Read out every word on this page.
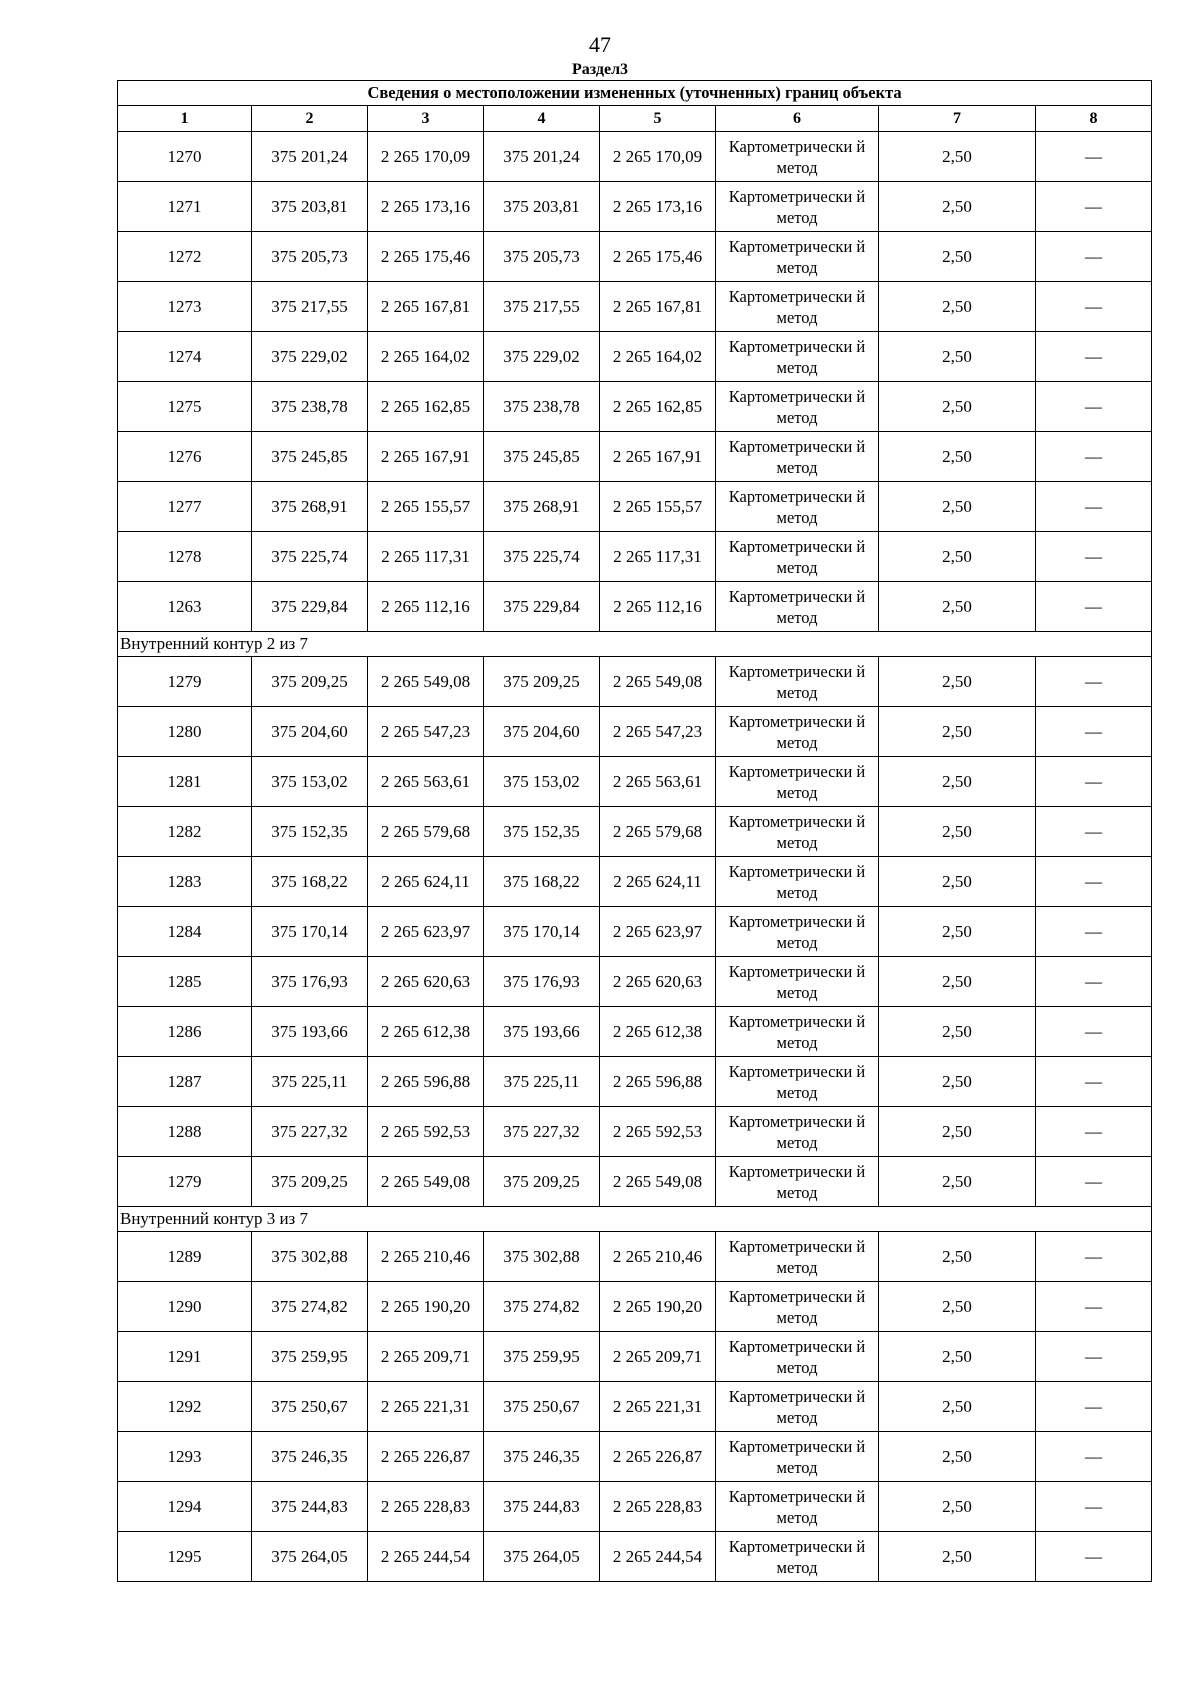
47
Раздел3
Сведения о местоположении измененных (уточненных) границ объекта							
1	2	3	4	5	6	7	8
1270	375 201,24	2 265 170,09	375 201,24	2 265 170,09	Картометрически й метод	2,50	—
1271	375 203,81	2 265 173,16	375 203,81	2 265 173,16	Картометрически й метод	2,50	—
1272	375 205,73	2 265 175,46	375 205,73	2 265 175,46	Картометрически й метод	2,50	—
1273	375 217,55	2 265 167,81	375 217,55	2 265 167,81	Картометрически й метод	2,50	—
1274	375 229,02	2 265 164,02	375 229,02	2 265 164,02	Картометрически й метод	2,50	—
1275	375 238,78	2 265 162,85	375 238,78	2 265 162,85	Картометрически й метод	2,50	—
1276	375 245,85	2 265 167,91	375 245,85	2 265 167,91	Картометрически й метод	2,50	—
1277	375 268,91	2 265 155,57	375 268,91	2 265 155,57	Картометрически й метод	2,50	—
1278	375 225,74	2 265 117,31	375 225,74	2 265 117,31	Картометрически й метод	2,50	—
1263	375 229,84	2 265 112,16	375 229,84	2 265 112,16	Картометрически й метод	2,50	—
Внутренний контур 2 из 7							
1279	375 209,25	2 265 549,08	375 209,25	2 265 549,08	Картометрически й метод	2,50	—
1280	375 204,60	2 265 547,23	375 204,60	2 265 547,23	Картометрически й метод	2,50	—
1281	375 153,02	2 265 563,61	375 153,02	2 265 563,61	Картометрически й метод	2,50	—
1282	375 152,35	2 265 579,68	375 152,35	2 265 579,68	Картометрически й метод	2,50	—
1283	375 168,22	2 265 624,11	375 168,22	2 265 624,11	Картометрически й метод	2,50	—
1284	375 170,14	2 265 623,97	375 170,14	2 265 623,97	Картометрически й метод	2,50	—
1285	375 176,93	2 265 620,63	375 176,93	2 265 620,63	Картометрически й метод	2,50	—
1286	375 193,66	2 265 612,38	375 193,66	2 265 612,38	Картометрически й метод	2,50	—
1287	375 225,11	2 265 596,88	375 225,11	2 265 596,88	Картометрически й метод	2,50	—
1288	375 227,32	2 265 592,53	375 227,32	2 265 592,53	Картометрически й метод	2,50	—
1279	375 209,25	2 265 549,08	375 209,25	2 265 549,08	Картометрически й метод	2,50	—
Внутренний контур 3 из 7							
1289	375 302,88	2 265 210,46	375 302,88	2 265 210,46	Картометрически й метод	2,50	—
1290	375 274,82	2 265 190,20	375 274,82	2 265 190,20	Картометрически й метод	2,50	—
1291	375 259,95	2 265 209,71	375 259,95	2 265 209,71	Картометрически й метод	2,50	—
1292	375 250,67	2 265 221,31	375 250,67	2 265 221,31	Картометрически й метод	2,50	—
1293	375 246,35	2 265 226,87	375 246,35	2 265 226,87	Картометрически й метод	2,50	—
1294	375 244,83	2 265 228,83	375 244,83	2 265 228,83	Картометрически й метод	2,50	—
1295	375 264,05	2 265 244,54	375 264,05	2 265 244,54	Картометрически й метод	2,50	—
